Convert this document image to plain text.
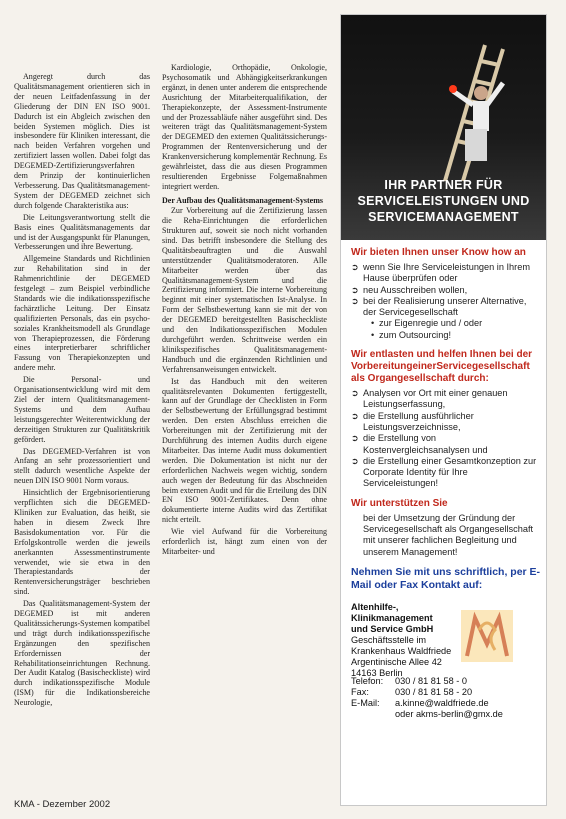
Angeregt durch das Qualitätsmanagement orientieren sich in der neuen Leitfadenfassung in der Gliederung der DIN EN ISO 9001. Dadurch ist ein Abgleich zwischen den beiden Systemen möglich. Dies ist insbesondere für Kliniken interessant, die nach beiden Verfahren vorgehen und zertifiziert lassen wollen. Dabei folgt das DEGEMED-Zertifizierungsverfahren dem Prinzip der kontinuierlichen Verbesserung. Das Qualitätsmanagement-System der DEGEMED zeichnet sich durch folgende Charakteristika aus:

Die Leitungsverantwortung stellt die Basis eines Qualitätsmanagements dar und ist der Ausgangspunkt für Planungen, Verbesserungen und ihre Bewertung.

Allgemeine Standards und Richtlinien zur Rehabilitation sind in der Rahmenrichtlinie der DEGEMED festgelegt – zum Beispiel verbindliche Standards wie die indikationsspezifische fachärztliche Leitung. Der Einsatz qualifizierten Personals, das ein psycho-soziales Krankheitsmodell als Grundlage von Therapieprozessen, die Förderung eines interpretierbarer schriftlicher Fassung von Therapiekonzepten und andere mehr.

Die Personal- und Organisationsentwicklung wird mit dem Ziel der intern Qualitätsmanagement-Systems und dem Aufbau leistungsgerechter Weiterentwicklung der derzeitigen Strukturen zur Qualitätskritik gefördert.

Das DEGEMED-Verfahren ist von Anfang an sehr prozessorientiert und stellt dadurch wesentliche Aspekte der neuen DIN ISO 9001 Norm voraus.

Hinsichtlich der Ergebnisorientierung verpflichten sich die DEGEMED-Kliniken zur Evaluation, das heißt, sie haben in diesem Zweck Ihre Basisdokumentation vor. Für die Erfolgskontrolle werden die jeweils anerkannten Assessmentinstrumente verwendet, wie sie etwa in den Therapiestandards der Rentenversicherungsträger beschrieben sind.

Das Qualitätsmanagement-System der DEGEMED ist mit anderen Qualitätssicherungs-Systemen kompatibel und trägt durch indikationsspezifische Ergänzungen den spezifischen Erfordernissen der Rehabilitationseinrichtungen Rechnung. Der Audit Katalog (Basischeckliste) wird durch indikationsspezifische Module (ISM) für die Indikationsbereiche Neurologie,

Kardiologie, Orthopädie, Onkologie, Psychosomatik und Abhängigkeitserkrankungen ergänzt, in denen unter anderem die entsprechende Ausrichtung der Mitarbeiterqualifikation, der Therapiekonzepte, der Assessment-Instrumente und der Prozessabläufe näher ausgeführt sind. Des weiteren trägt das Qualitätsmanagement-System der DEGEMED den externen Qualitätssicherungs-Programmen der Rentenversicherung und der Krankenversicherung komplementär Rechnung. Es gewährleistet, dass die aus diesen Programmen resultierenden Ergebnisse Folgemaßnahmen integriert werden.

Der Aufbau des Qualitätsmanagement-Systems

Zur Vorbereitung auf die Zertifizierung lassen die Reha-Einrichtungen die erforderlichen Strukturen auf, soweit sie noch nicht vorhanden sind. Das betrifft insbesondere die Stellung des Qualitätsbeauftragten und die Auswahl unterstützender Qualitätsmoderatoren. Alle Mitarbeiter werden über das Qualitätsmanagement-System und die Zertifizierung informiert. Die interne Vorbereitung beginnt mit einer systematischen Ist-Analyse. In Form der Selbstbewertung kann sie mit der von der DEGEMED bereitgestellten Basischeckliste und den Indikationsspezifischen Modulen durchgeführt werden. Schrittweise werden ein klinikspezifisches Qualitätsmanagement-Handbuch und die ergänzenden Richtlinien und Verfahrensanweisungen entwickelt.

Ist das Handbuch mit den weiteren qualitätsrelevanten Dokumenten fertiggestellt, kann auf der Grundlage der Checklisten in Form der Selbstbewertung der Erfüllungsgrad bestimmt werden. Den ersten Abschluss erreichen die Vorbereitungen mit der Zertifizierung mit der Durchführung des internen Audits durch eigene Mitarbeiter. Das interne Audit muss dokumentiert werden. Die Dokumentation ist nicht nur der erforderlichen Nachweis wegen wichtig, sondern auch wegen der Bedeutung für das Abschneiden beim externen Audit und für die Erteilung des DIN EN ISO 9001-Zertifikates. Denn ohne dokumentierte interne Audits wird das Zertifikat nicht erteilt.

Wie viel Aufwand für die Vorbereitung erforderlich ist, hängt zum einen von der Mitarbeiter- und

KMA - Dezember 2002
IHR PARTNER FÜR
SERVICELEISTUNGEN UND
SERVICEMANAGEMENT
Wir bieten Ihnen unser Know how an
➲ wenn Sie Ihre Serviceleistungen in Ihrem Hause überprüfen oder
➲ neu Ausschreiben wollen,
➲ bei der Realisierung unserer Alternative, der Servicegesellschaft
• zur Eigenregie und / oder
• zum Outsourcing!
Wir entlasten und helfen Ihnen bei der VorbereitungeinerServicegesellschaft als Organgesellschaft durch:
➲ Analysen vor Ort mit einer genauen Leistungserfassung,
➲ die Erstellung ausführlicher Leistungsverzeichnisse,
➲ die Erstellung von Kostenvergleichsanalysen und
➲ die Erstellung einer Gesamtkonzeption zur Corporate Identity für Ihre Serviceleistungen!
Wir unterstützen Sie

bei der Umsetzung der Gründung der Servicegesellschaft als Organgesellschaft mit unserer fachlichen Begleitung und unserem Management!

Nehmen Sie mit uns schriftlich, per E-Mail oder Fax Kontakt auf:
Altenhilfe-, Klinikmanagement und Service GmbH
Geschäftsstelle im
Krankenhaus Waldfriede
Argentinische Allee 42
14163 Berlin
Telefon:	030 / 81 81 58 - 0
Fax:	030 / 81 81 58 - 20
E-Mail:	a.kinne@waldfriede.de
oder akms-berlin@gmx.de
